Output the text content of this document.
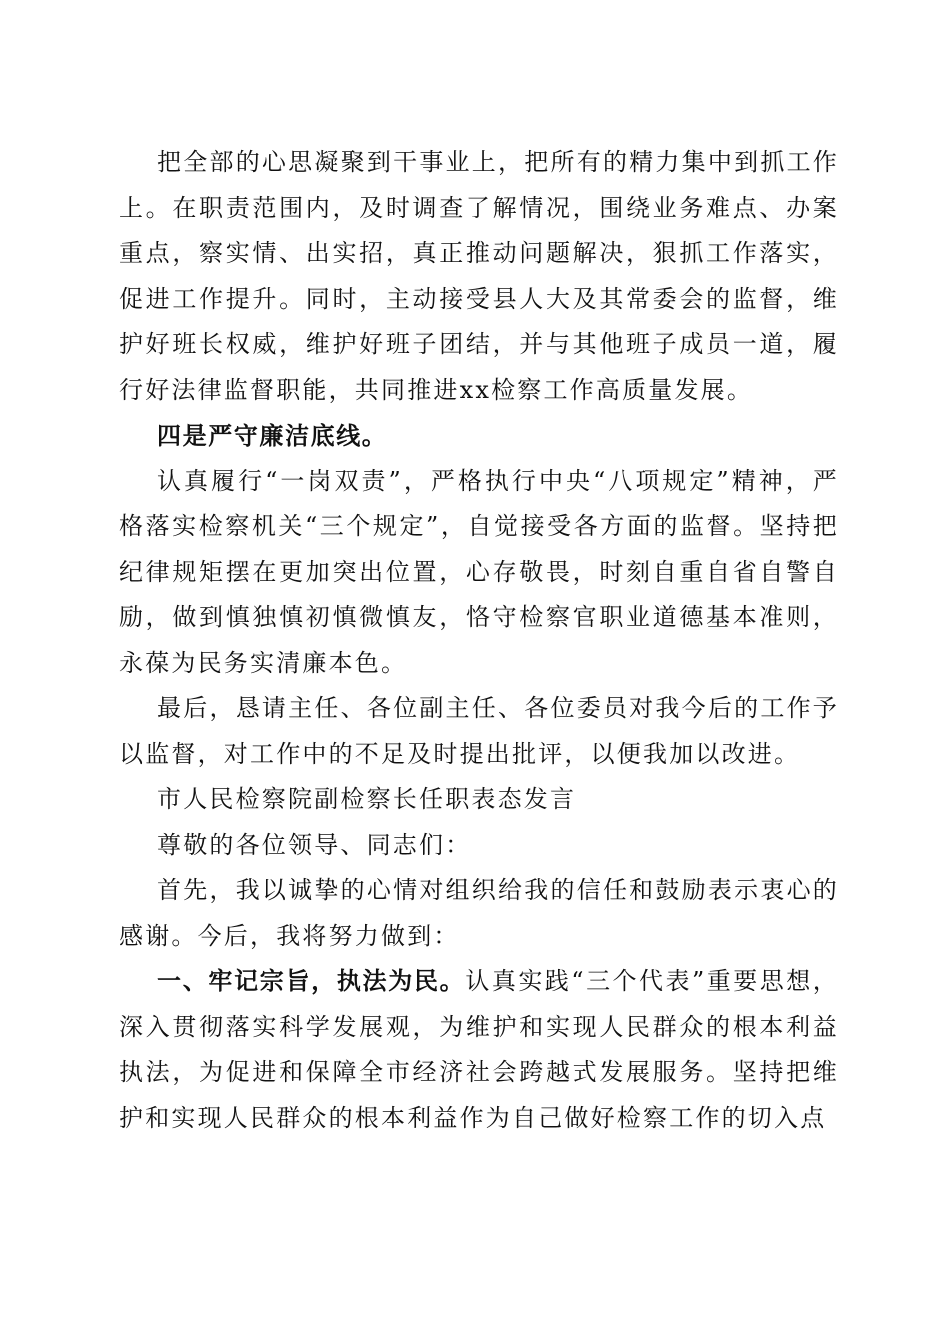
把全部的心思凝聚到干事业上，把所有的精力集中到抓工作上。在职责范围内，及时调查了解情况，围绕业务难点、办案重点，察实情、出实招，真正推动问题解决，狠抓工作落实，促进工作提升。同时，主动接受县人大及其常委会的监督，维护好班长权威，维护好班子团结，并与其他班子成员一道，履行好法律监督职能，共同推进xx检察工作高质量发展。

四是严守廉洁底线。

认真履行“一岗双责”，严格执行中央“八项规定”精神，严格落实检察机关“三个规定”，自觉接受各方面的监督。坚持把纪律规矩摆在更加突出位置，心存敬畏，时刻自重自省自警自励，做到慎独慎初慎微慎友，恪守检察官职业道德基本准则，永葆为民务实清廉本色。

最后，恳请主任、各位副主任、各位委员对我今后的工作予以监督，对工作中的不足及时提出批评，以便我加以改进。

市人民检察院副检察长任职表态发言

尊敬的各位领导、同志们：

首先，我以诚挚的心情对组织给我的信任和鼓励表示衷心的感谢。今后，我将努力做到：

一、牢记宗旨，执法为民。认真实践“三个代表”重要思想，深入贯彻落实科学发展观，为维护和实现人民群众的根本利益执法，为促进和保障全市经济社会跨越式发展服务。坚持把维护和实现人民群众的根本利益作为自己做好检察工作的切入点
